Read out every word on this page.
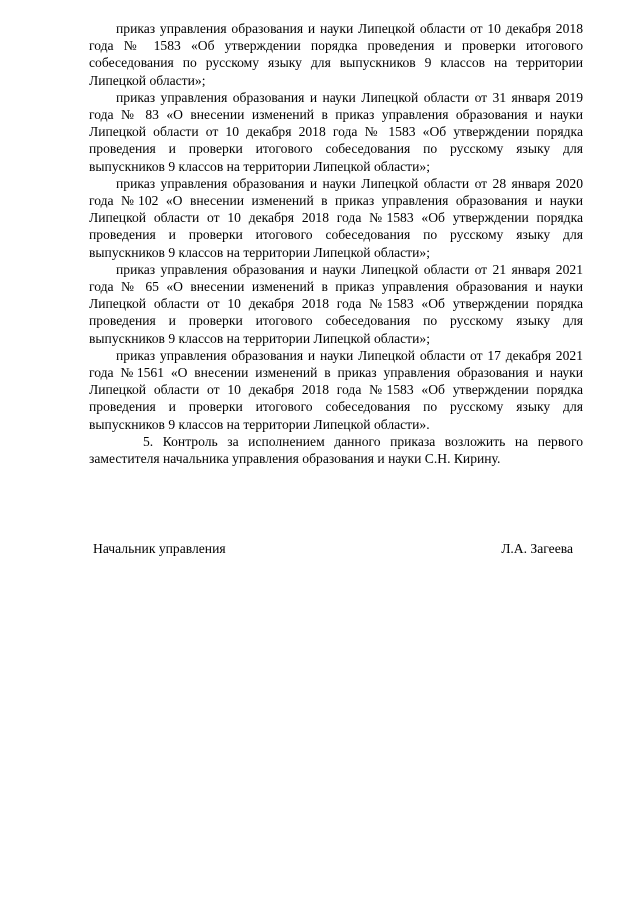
приказ управления образования и науки Липецкой области от 10 декабря 2018 года № 1583 «Об утверждении порядка проведения и проверки итогового собеседования по русскому языку для выпускников 9 классов на территории Липецкой области»;

приказ управления образования и науки Липецкой области от 31 января 2019 года № 83 «О внесении изменений в приказ управления образования и науки Липецкой области от 10 декабря 2018 года № 1583 «Об утверждении порядка проведения и проверки итогового собеседования по русскому языку для выпускников 9 классов на территории Липецкой области»;

приказ управления образования и науки Липецкой области от 28 января 2020 года №102 «О внесении изменений в приказ управления образования и науки Липецкой области от 10 декабря 2018 года №1583 «Об утверждении порядка проведения и проверки итогового собеседования по русскому языку для выпускников 9 классов на территории Липецкой области»;

приказ управления образования и науки Липецкой области от 21 января 2021 года № 65 «О внесении изменений в приказ управления образования и науки Липецкой области от 10 декабря 2018 года №1583 «Об утверждении порядка проведения и проверки итогового собеседования по русскому языку для выпускников 9 классов на территории Липецкой области»;

приказ управления образования и науки Липецкой области от 17 декабря 2021 года №1561 «О внесении изменений в приказ управления образования и науки Липецкой области от 10 декабря 2018 года №1583 «Об утверждении порядка проведения и проверки итогового собеседования по русскому языку для выпускников 9 классов на территории Липецкой области».

5. Контроль за исполнением данного приказа возложить на первого заместителя начальника управления образования и науки С.Н. Кирину.

Начальник управления	Л.А. Загеева
